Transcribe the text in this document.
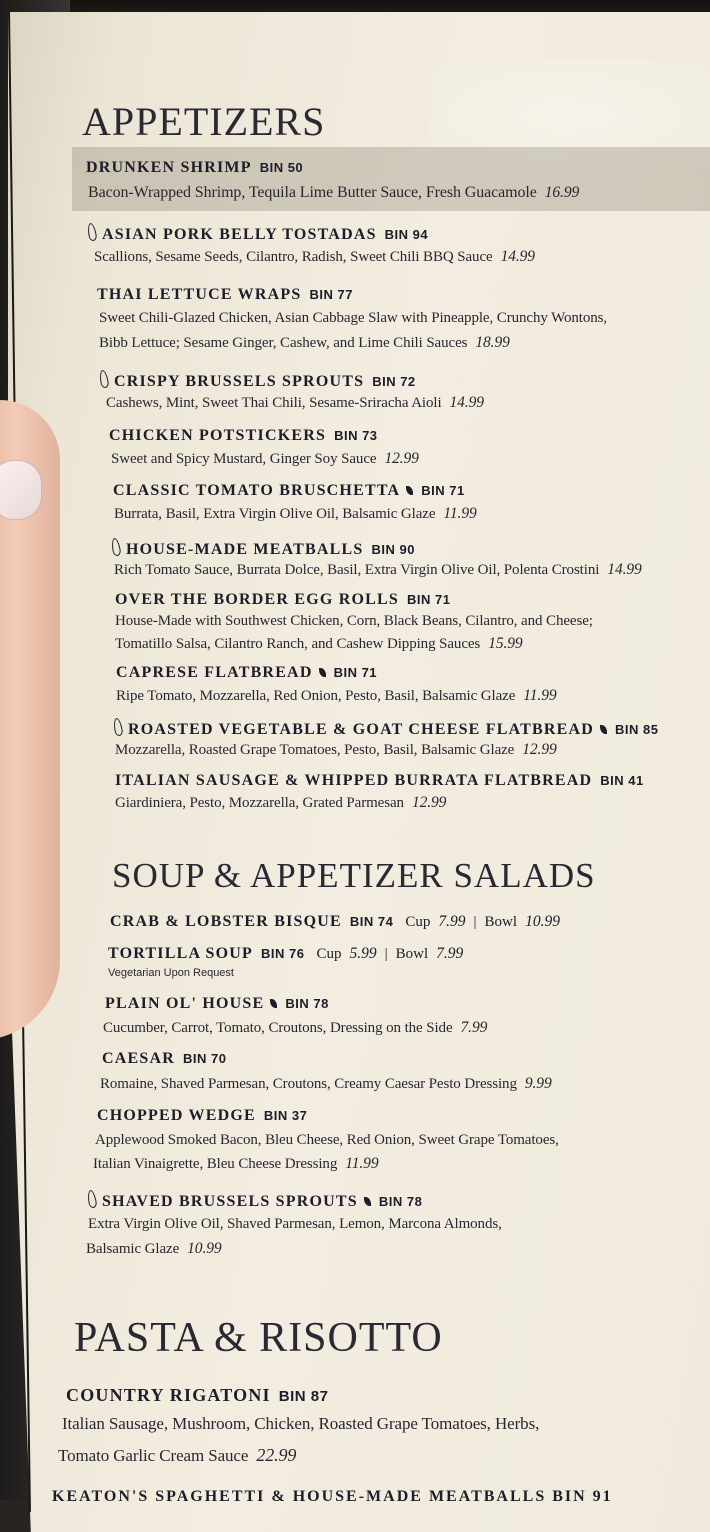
APPETIZERS
SOUP & APPETIZER SALADS
PASTA & RISOTTO
DRUNKEN SHRIMP BIN 50
Bacon-Wrapped Shrimp, Tequila Lime Butter Sauce, Fresh Guacamole 16.99
ASIAN PORK BELLY TOSTADAS BIN 94
Scallions, Sesame Seeds, Cilantro, Radish, Sweet Chili BBQ Sauce 14.99
THAI LETTUCE WRAPS BIN 77
Sweet Chili-Glazed Chicken, Asian Cabbage Slaw with Pineapple, Crunchy Wontons,
Bibb Lettuce; Sesame Ginger, Cashew, and Lime Chili Sauces 18.99
CRISPY BRUSSELS SPROUTS BIN 72
Cashews, Mint, Sweet Thai Chili, Sesame-Sriracha Aioli 14.99
CHICKEN POTSTICKERS BIN 73
Sweet and Spicy Mustard, Ginger Soy Sauce 12.99
CLASSIC TOMATO BRUSCHETTA BIN 71
Burrata, Basil, Extra Virgin Olive Oil, Balsamic Glaze 11.99
HOUSE-MADE MEATBALLS BIN 90
Rich Tomato Sauce, Burrata Dolce, Basil, Extra Virgin Olive Oil, Polenta Crostini 14.99
OVER THE BORDER EGG ROLLS BIN 71
House-Made with Southwest Chicken, Corn, Black Beans, Cilantro, and Cheese;
Tomatillo Salsa, Cilantro Ranch, and Cashew Dipping Sauces 15.99
CAPRESE FLATBREAD BIN 71
Ripe Tomato, Mozzarella, Red Onion, Pesto, Basil, Balsamic Glaze 11.99
ROASTED VEGETABLE & GOAT CHEESE FLATBREAD BIN 85
Mozzarella, Roasted Grape Tomatoes, Pesto, Basil, Balsamic Glaze 12.99
ITALIAN SAUSAGE & WHIPPED BURRATA FLATBREAD BIN 41
Giardiniera, Pesto, Mozzarella, Grated Parmesan 12.99
CRAB & LOBSTER BISQUE BIN 74 Cup 7.99 | Bowl 10.99
TORTILLA SOUP BIN 76 Cup 5.99 | Bowl 7.99
Vegetarian Upon Request
PLAIN OL' HOUSE BIN 78
Cucumber, Carrot, Tomato, Croutons, Dressing on the Side 7.99
CAESAR BIN 70
Romaine, Shaved Parmesan, Croutons, Creamy Caesar Pesto Dressing 9.99
CHOPPED WEDGE BIN 37
Applewood Smoked Bacon, Bleu Cheese, Red Onion, Sweet Grape Tomatoes,
Italian Vinaigrette, Bleu Cheese Dressing 11.99
SHAVED BRUSSELS SPROUTS BIN 78
Extra Virgin Olive Oil, Shaved Parmesan, Lemon, Marcona Almonds,
Balsamic Glaze 10.99
COUNTRY RIGATONI BIN 87
Italian Sausage, Mushroom, Chicken, Roasted Grape Tomatoes, Herbs,
Tomato Garlic Cream Sauce 22.99
KEATON'S SPAGHETTI & HOUSE-MADE MEATBALLS BIN 91
